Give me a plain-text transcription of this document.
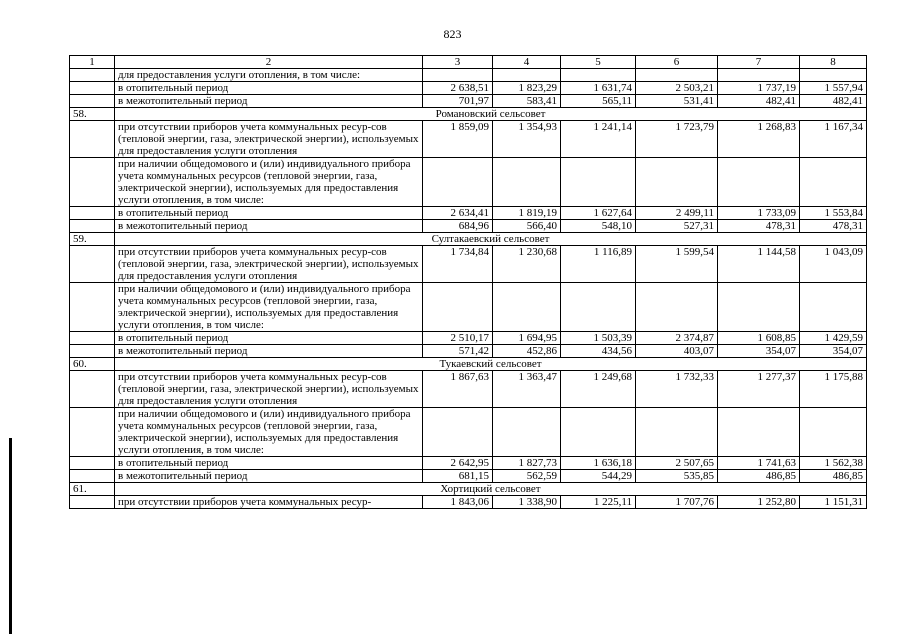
823
1	2	3	4	5	6	7	8
	для предоставления услуги отопления, в том числе:						
	в отопительный период	2 638,51	1 823,29	1 631,74	2 503,21	1 737,19	1 557,94
	в межотопительный период	701,97	583,41	565,11	531,41	482,41	482,41
58.	Романовский сельсовет						
	при отсутствии приборов учета коммунальных ресур-сов (тепловой энергии, газа, электрической энергии), используемых для предоставления услуги отопления	1 859,09	1 354,93	1 241,14	1 723,79	1 268,83	1 167,34
	при наличии общедомового и (или) индивидуального прибора учета коммунальных ресурсов (тепловой энергии, газа, электрической энергии), используемых для предоставления услуги отопления, в том числе:						
	в отопительный период	2 634,41	1 819,19	1 627,64	2 499,11	1 733,09	1 553,84
	в межотопительный период	684,96	566,40	548,10	527,31	478,31	478,31
59.	Султакаевский сельсовет						
	при отсутствии приборов учета коммунальных ресур-сов (тепловой энергии, газа, электрической энергии), используемых для предоставления услуги отопления	1 734,84	1 230,68	1 116,89	1 599,54	1 144,58	1 043,09
	при наличии общедомового и (или) индивидуального прибора учета коммунальных ресурсов (тепловой энергии, газа, электрической энергии), используемых для предоставления услуги отопления, в том числе:						
	в отопительный период	2 510,17	1 694,95	1 503,39	2 374,87	1 608,85	1 429,59
	в межотопительный период	571,42	452,86	434,56	403,07	354,07	354,07
60.	Тукаевский сельсовет						
	при отсутствии приборов учета коммунальных ресур-сов (тепловой энергии, газа, электрической энергии), используемых для предоставления услуги отопления	1 867,63	1 363,47	1 249,68	1 732,33	1 277,37	1 175,88
	при наличии общедомового и (или) индивидуального прибора учета коммунальных ресурсов (тепловой энергии, газа, электрической энергии), используемых для предоставления услуги отопления, в том числе:						
	в отопительный период	2 642,95	1 827,73	1 636,18	2 507,65	1 741,63	1 562,38
	в межотопительный период	681,15	562,59	544,29	535,85	486,85	486,85
61.	Хортицкий сельсовет						
	при отсутствии приборов учета коммунальных ресур-	1 843,06	1 338,90	1 225,11	1 707,76	1 252,80	1 151,31
